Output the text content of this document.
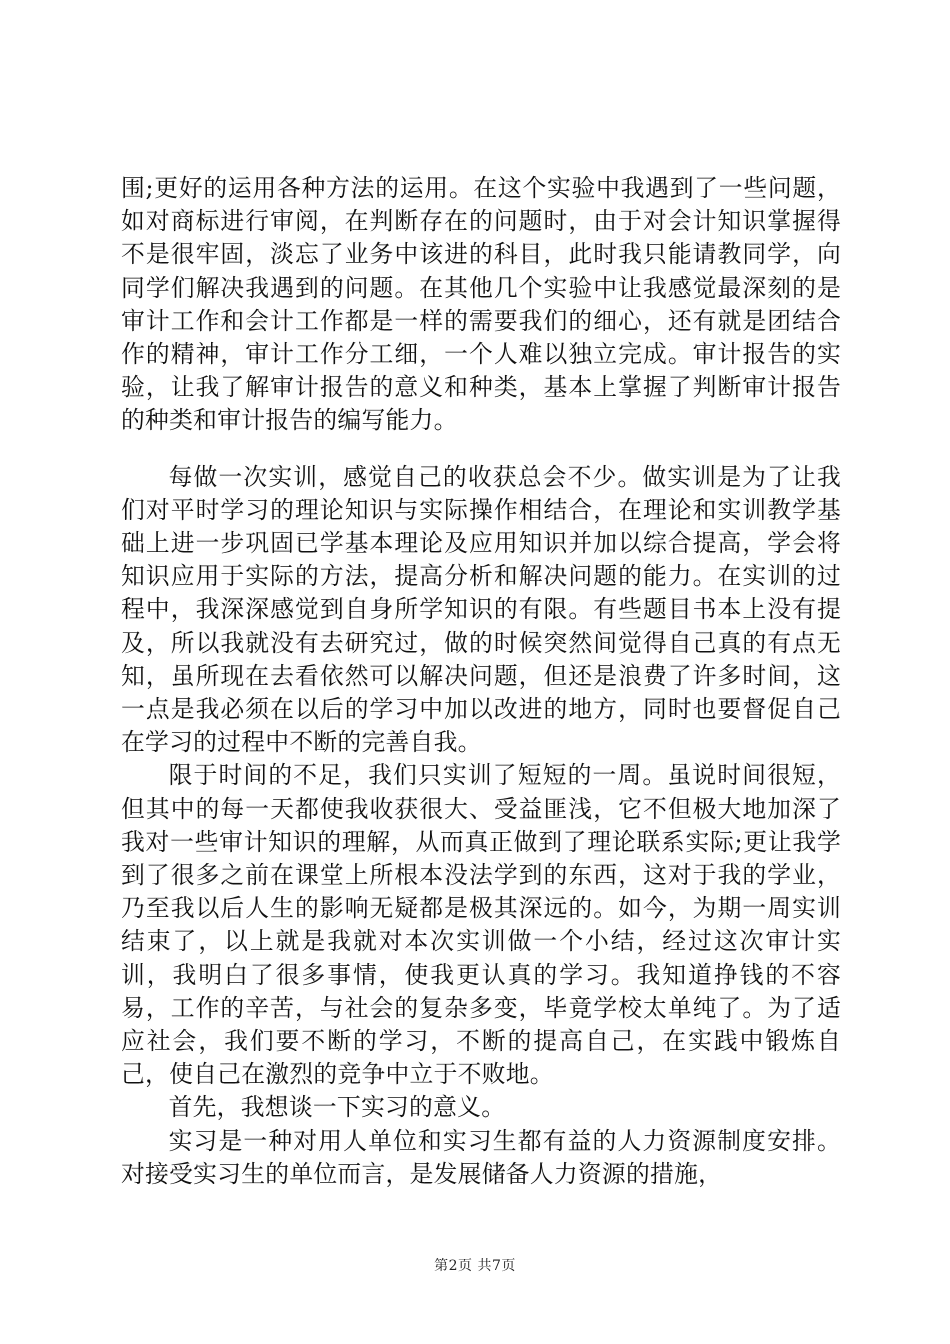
围;更好的运用各种方法的运用。在这个实验中我遇到了一些问题，如对商标进行审阅，在判断存在的问题时，由于对会计知识掌握得不是很牢固，淡忘了业务中该进的科目，此时我只能请教同学，向同学们解决我遇到的问题。在其他几个实验中让我感觉最深刻的是审计工作和会计工作都是一样的需要我们的细心，还有就是团结合作的精神，审计工作分工细，一个人难以独立完成。审计报告的实验，让我了解审计报告的意义和种类，基本上掌握了判断审计报告的种类和审计报告的编写能力。

每做一次实训，感觉自己的收获总会不少。做实训是为了让我们对平时学习的理论知识与实际操作相结合，在理论和实训教学基础上进一步巩固已学基本理论及应用知识并加以综合提高，学会将知识应用于实际的方法，提高分析和解决问题的能力。在实训的过程中，我深深感觉到自身所学知识的有限。有些题目书本上没有提及，所以我就没有去研究过，做的时候突然间觉得自己真的有点无知，虽所现在去看依然可以解决问题，但还是浪费了许多时间，这一点是我必须在以后的学习中加以改进的地方，同时也要督促自己在学习的过程中不断的完善自我。

限于时间的不足，我们只实训了短短的一周。虽说时间很短，但其中的每一天都使我收获很大、受益匪浅，它不但极大地加深了我对一些审计知识的理解，从而真正做到了理论联系实际;更让我学到了很多之前在课堂上所根本没法学到的东西，这对于我的学业，乃至我以后人生的影响无疑都是极其深远的。如今，为期一周实训结束了，以上就是我就对本次实训做一个小结，经过这次审计实训，我明白了很多事情，使我更认真的学习。我知道挣钱的不容易，工作的辛苦，与社会的复杂多变，毕竟学校太单纯了。为了适应社会，我们要不断的学习，不断的提高自己，在实践中锻炼自己，使自己在激烈的竞争中立于不败地。

首先，我想谈一下实习的意义。

实习是一种对用人单位和实习生都有益的人力资源制度安排。对接受实习生的单位而言，是发展储备人力资源的措施，

第2页 共7页
